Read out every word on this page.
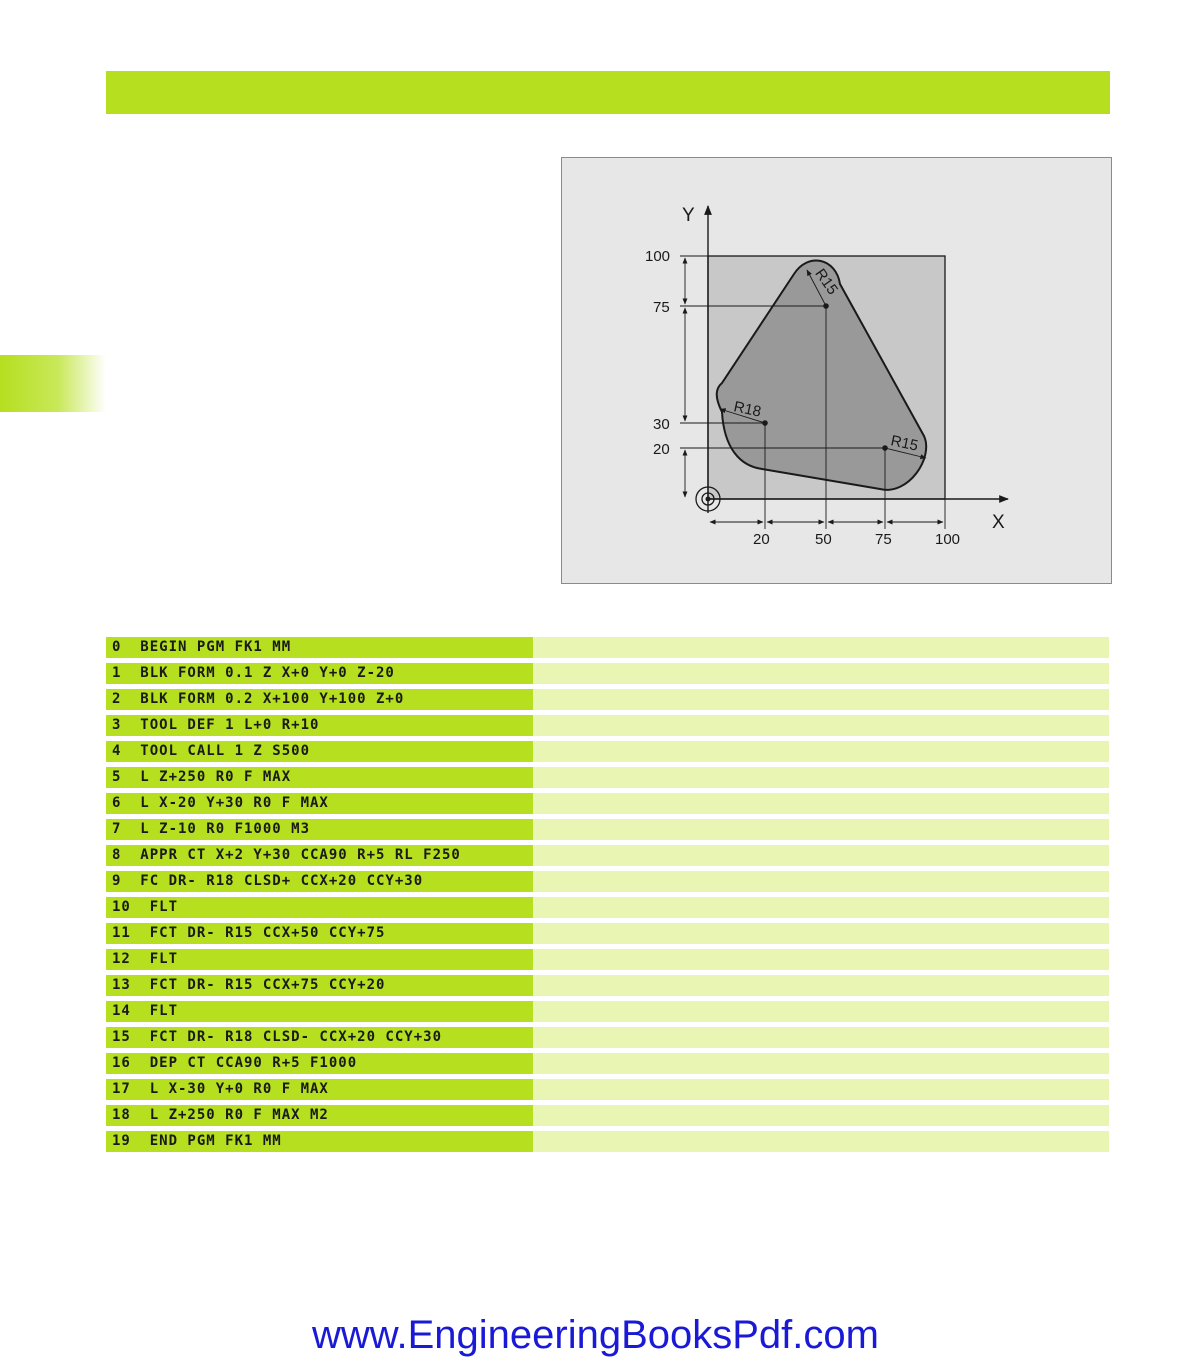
Y
X
R15
R18
R15
100
75
30
20
20	50	75	100
0  BEGIN PGM FK1 MM
1  BLK FORM 0.1 Z X+0 Y+0 Z-20
2  BLK FORM 0.2 X+100 Y+100 Z+0
3  TOOL DEF 1 L+0 R+10
4  TOOL CALL 1 Z S500
5  L Z+250 R0 F MAX
6  L X-20 Y+30 R0 F MAX
7  L Z-10 R0 F1000 M3
8  APPR CT X+2 Y+30 CCA90 R+5 RL F250
9  FC DR- R18 CLSD+ CCX+20 CCY+30
10  FLT
11  FCT DR- R15 CCX+50 CCY+75
12  FLT
13  FCT DR- R15 CCX+75 CCY+20
14  FLT
15  FCT DR- R18 CLSD- CCX+20 CCY+30
16  DEP CT CCA90 R+5 F1000
17  L X-30 Y+0 R0 F MAX
18  L Z+250 R0 F MAX M2
19  END PGM FK1 MM
www.EngineeringBooksPdf.com
